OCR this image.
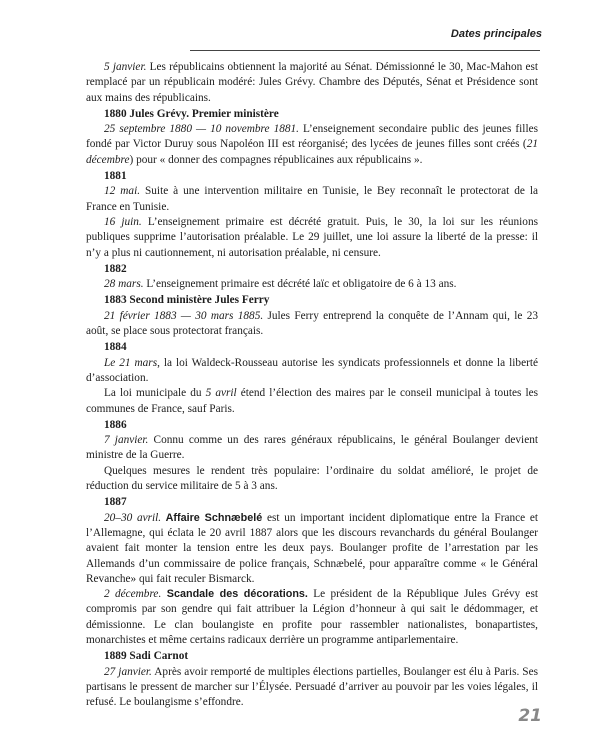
Dates principales

5 janvier. Les républicains obtiennent la majorité au Sénat. Démissionné le 30, Mac-Mahon est remplacé par un républicain modéré: Jules Grévy. Chambre des Députés, Sénat et Présidence sont aux mains des républicains.

1880 Jules Grévy. Premier ministère

25 septembre 1880 — 10 novembre 1881. L’enseignement secondaire public des jeunes filles fondé par Victor Duruy sous Napoléon III est réorganisé; des lycées de jeunes filles sont créés (21 décembre) pour « donner des compagnes républicaines aux républicains ».

1881

12 mai. Suite à une intervention militaire en Tunisie, le Bey reconnaît le protectorat de la France en Tunisie.

16 juin. L’enseignement primaire est décrété gratuit. Puis, le 30, la loi sur les réunions publiques supprime l’autorisation préalable. Le 29 juillet, une loi assure la liberté de la presse: il n’y a plus ni cautionnement, ni autorisation préalable, ni censure.

1882

28 mars. L’enseignement primaire est décrété laïc et obligatoire de 6 à 13 ans.

1883 Second ministère Jules Ferry

21 février 1883 — 30 mars 1885. Jules Ferry entreprend la conquête de l’Annam qui, le 23 août, se place sous protectorat français.

1884

Le 21 mars, la loi Waldeck-Rousseau autorise les syndicats professionnels et donne la liberté d’association.

La loi municipale du 5 avril étend l’élection des maires par le conseil municipal à toutes les communes de France, sauf Paris.

1886

7 janvier. Connu comme un des rares généraux républicains, le général Boulanger devient ministre de la Guerre.

Quelques mesures le rendent très populaire: l’ordinaire du soldat amélioré, le projet de réduction du service militaire de 5 à 3 ans.

1887

20–30 avril. Affaire Schnæbelé est un important incident diplomatique entre la France et l’Allemagne, qui éclata le 20 avril 1887 alors que les discours revanchards du général Boulanger avaient fait monter la tension entre les deux pays. Boulanger profite de l’arrestation par les Allemands d’un commissaire de police français, Schnæbelé, pour apparaître comme « le Général Revanche» qui fait reculer Bismarck.

2 décembre. Scandale des décorations. Le président de la République Jules Grévy est compromis par son gendre qui fait attribuer la Légion d’honneur à qui sait le dédommager, et démissionne. Le clan boulangiste en profite pour rassembler nationalistes, bonapartistes, monarchistes et même certains radicaux derrière un programme antiparlementaire.

1889 Sadi Carnot

27 janvier. Après avoir remporté de multiples élections partielles, Boulanger est élu à Paris. Ses partisans le pressent de marcher sur l’Élysée. Persuadé d’arriver au pouvoir par les voies légales, il refusé. Le boulangisme s’effondre.

21
